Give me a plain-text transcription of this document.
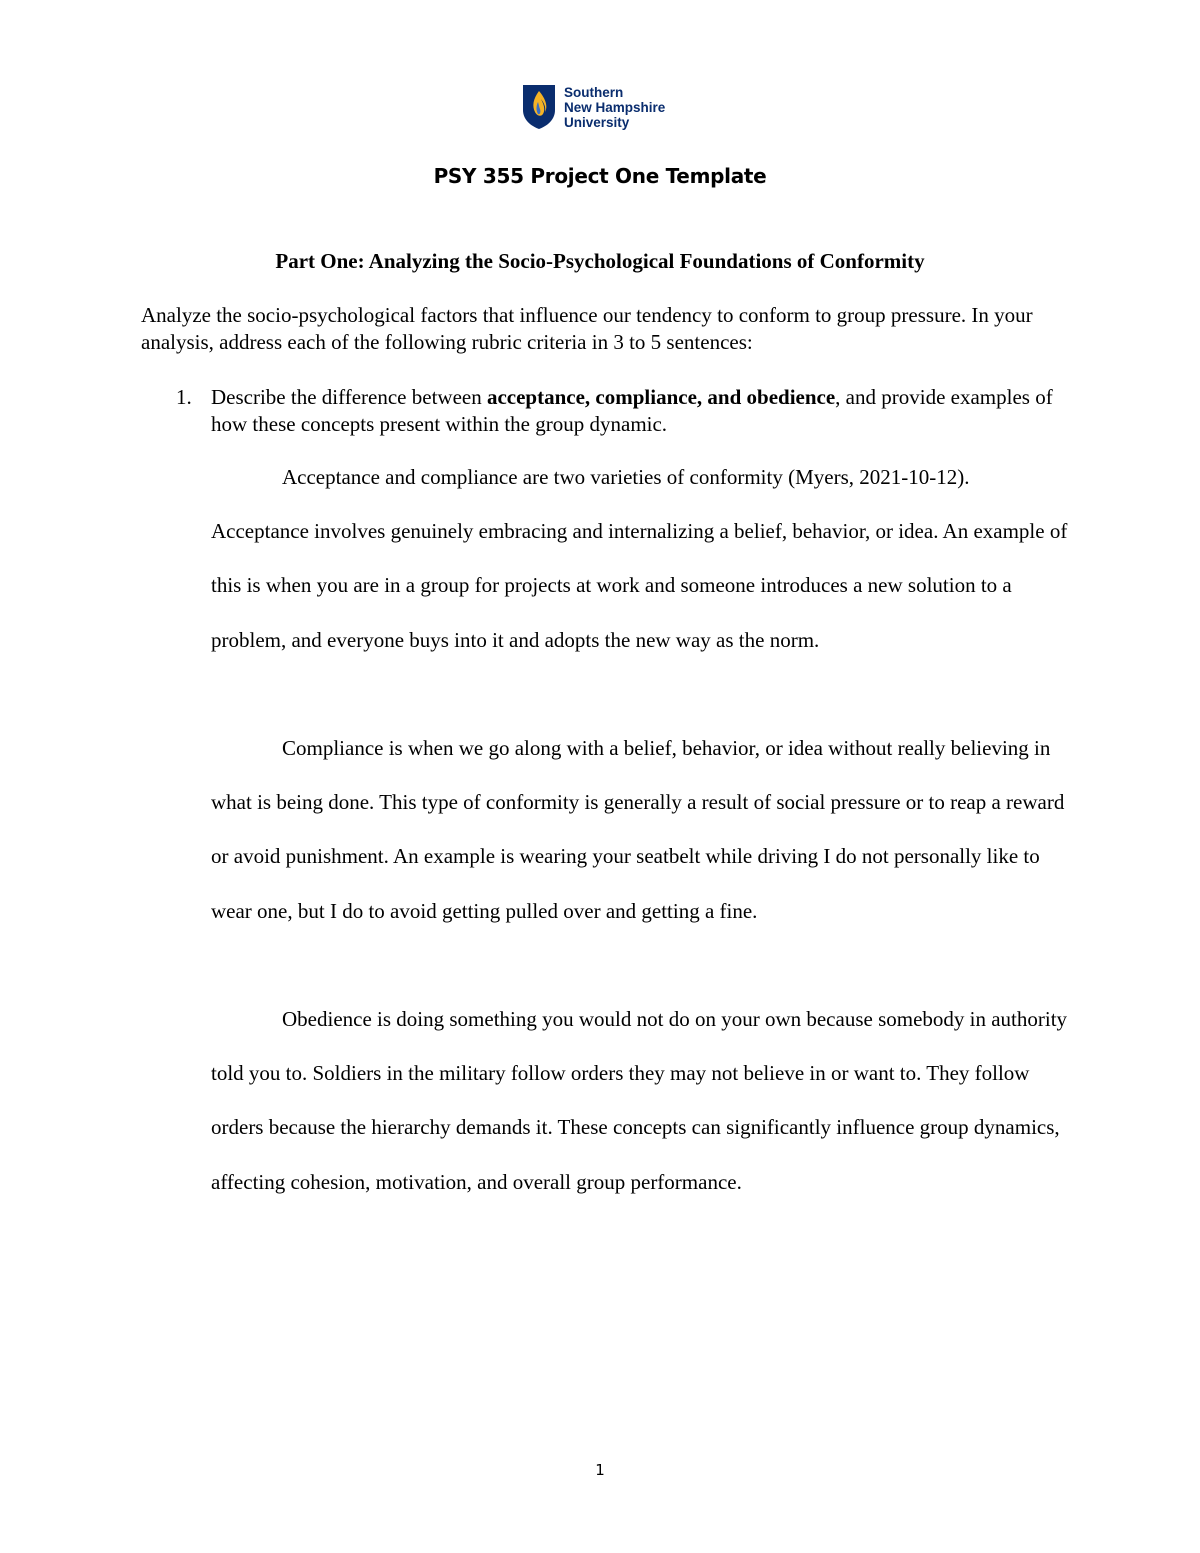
Southern
New Hampshire
University
PSY 355 Project One Template
Part One: Analyzing the Socio-Psychological Foundations of Conformity
Analyze the socio-psychological factors that influence our tendency to conform to group pressure. In your analysis, address each of the following rubric criteria in 3 to 5 sentences:
1. Describe the difference between acceptance, compliance, and obedience, and provide examples of how these concepts present within the group dynamic.
Acceptance and compliance are two varieties of conformity (Myers, 2021-10-12). Acceptance involves genuinely embracing and internalizing a belief, behavior, or idea. An example of this is when you are in a group for projects at work and someone introduces a new solution to a problem, and everyone buys into it and adopts the new way as the norm.
Compliance is when we go along with a belief, behavior, or idea without really believing in what is being done. This type of conformity is generally a result of social pressure or to reap a reward or avoid punishment. An example is wearing your seatbelt while driving I do not personally like to wear one, but I do to avoid getting pulled over and getting a fine.
Obedience is doing something you would not do on your own because somebody in authority told you to. Soldiers in the military follow orders they may not believe in or want to. They follow orders because the hierarchy demands it. These concepts can significantly influence group dynamics, affecting cohesion, motivation, and overall group performance.
1
